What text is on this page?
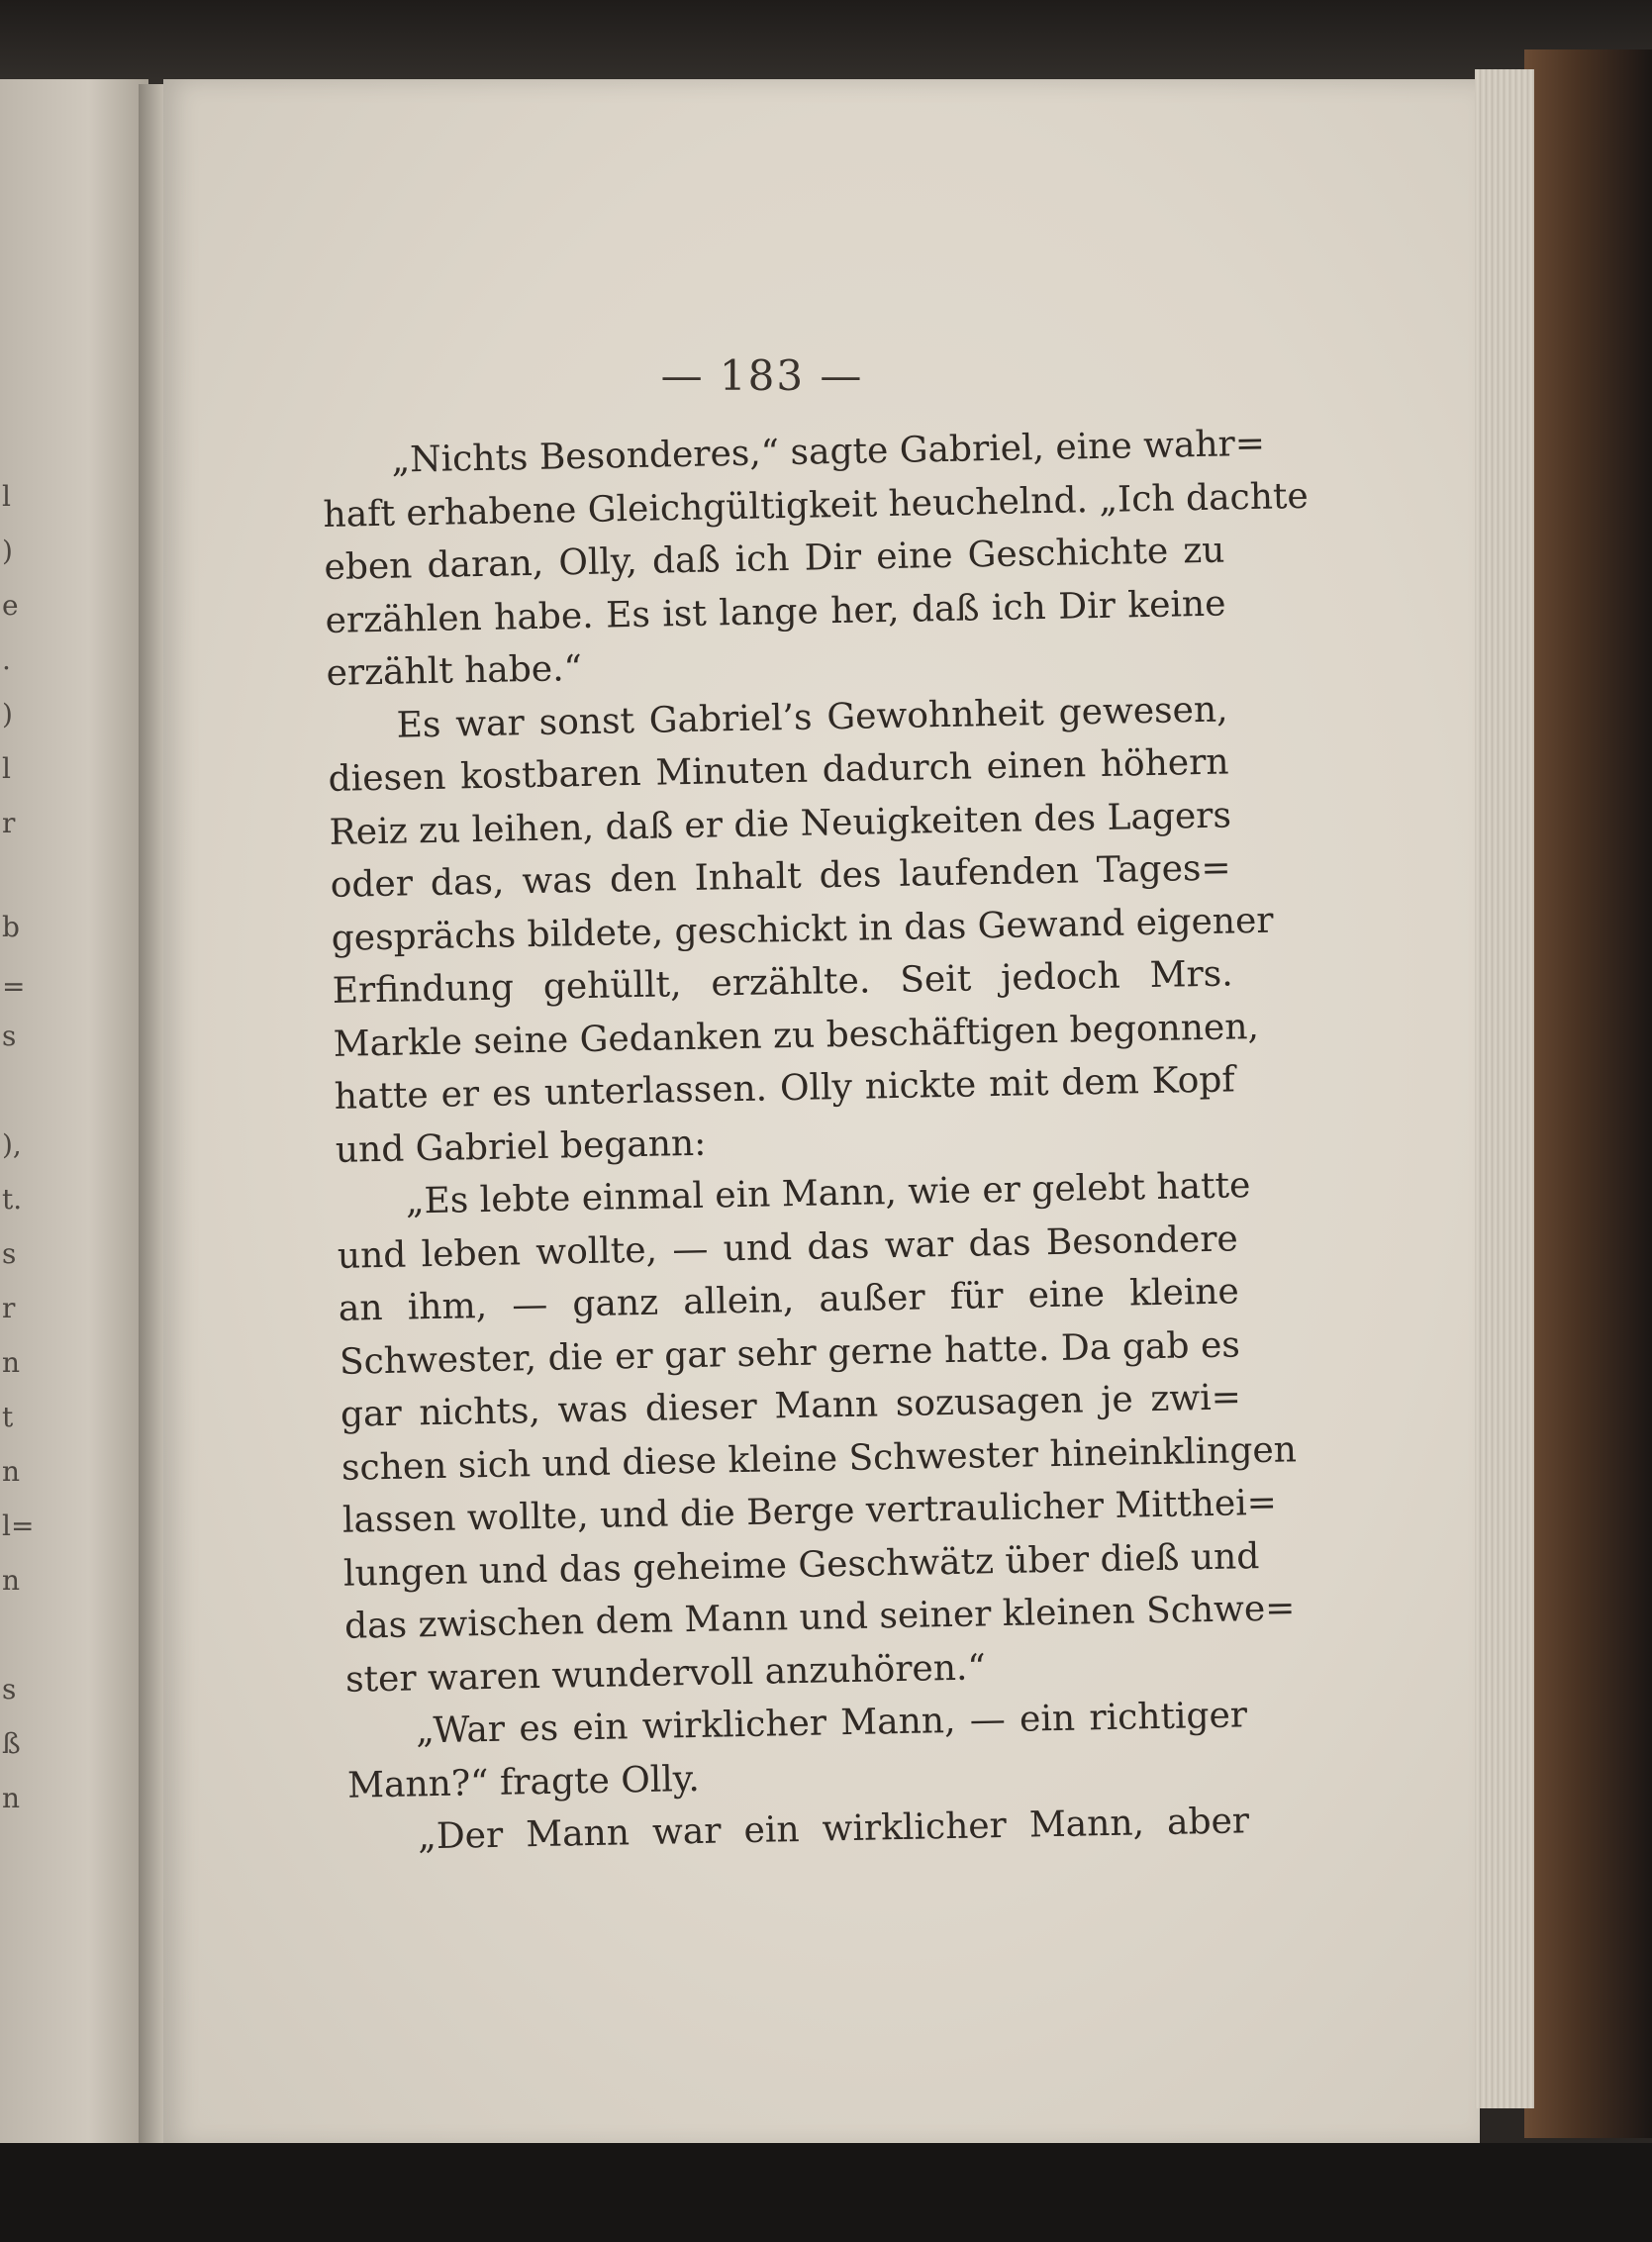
l
)
e
.
)
l
r
b
=
s
),
t.
s
r
n
t
n
l=
n
s
ß
n
— 183 —
„Nichts Besonderes,“ sagte Gabriel, eine wahr=
haft erhabene Gleichgültigkeit heuchelnd. „Ich dachte
eben daran, Olly, daß ich Dir eine Geschichte zu
erzählen habe. Es ist lange her, daß ich Dir keine
erzählt habe.“
Es war sonst Gabriel’s Gewohnheit gewesen,
diesen kostbaren Minuten dadurch einen höhern
Reiz zu leihen, daß er die Neuigkeiten des Lagers
oder das, was den Inhalt des laufenden Tages=
gesprächs bildete, geschickt in das Gewand eigener
Erfindung gehüllt, erzählte. Seit jedoch Mrs.
Markle seine Gedanken zu beschäftigen begonnen,
hatte er es unterlassen. Olly nickte mit dem Kopf
und Gabriel begann:
„Es lebte einmal ein Mann, wie er gelebt hatte
und leben wollte, — und das war das Besondere
an ihm, — ganz allein, außer für eine kleine
Schwester, die er gar sehr gerne hatte. Da gab es
gar nichts, was dieser Mann sozusagen je zwi=
schen sich und diese kleine Schwester hineinklingen
lassen wollte, und die Berge vertraulicher Mitthei=
lungen und das geheime Geschwätz über dieß und
das zwischen dem Mann und seiner kleinen Schwe=
ster waren wundervoll anzuhören.“
„War es ein wirklicher Mann, — ein richtiger
Mann?“ fragte Olly.
„Der Mann war ein wirklicher Mann, aber
